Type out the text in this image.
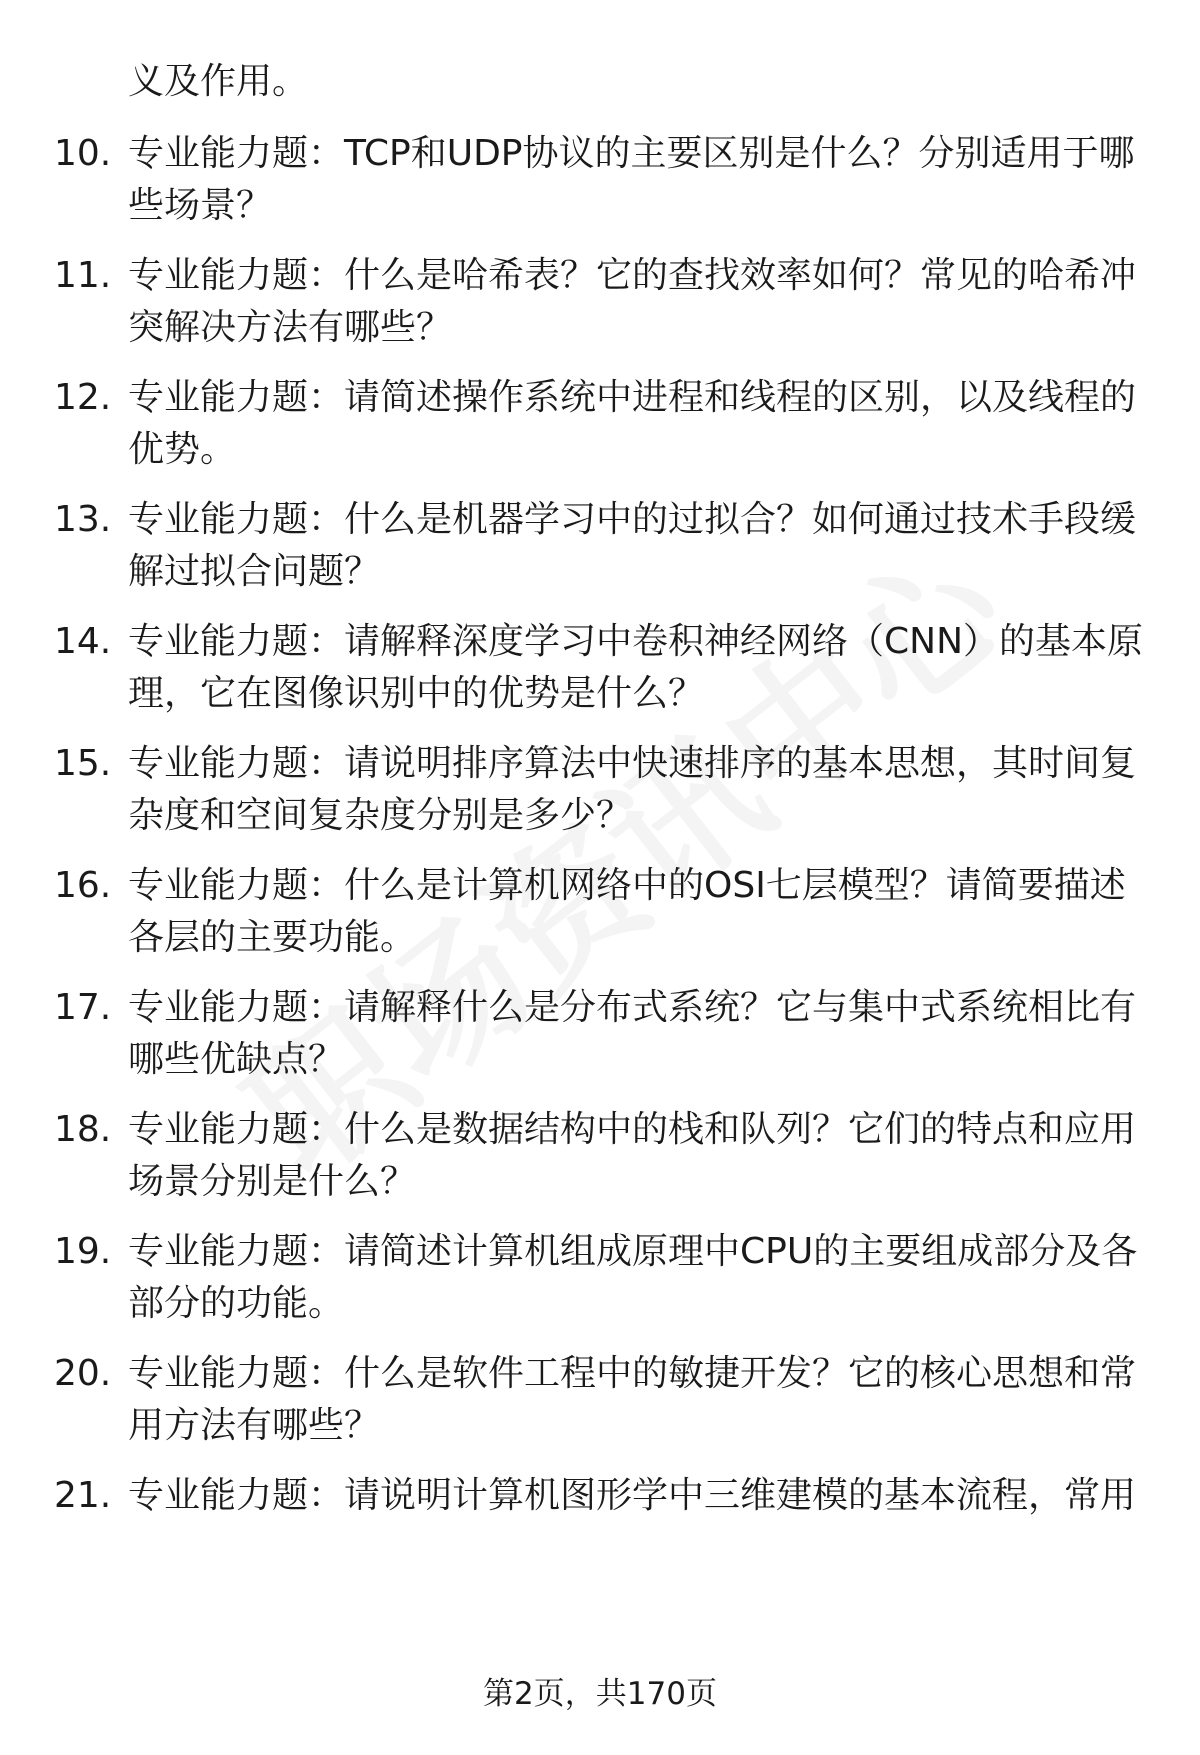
义及作用。
10. 专业能力题：TCP和UDP协议的主要区别是什么？分别适用于哪
些场景？
11. 专业能力题：什么是哈希表？它的查找效率如何？常见的哈希冲
突解决方法有哪些？
12. 专业能力题：请简述操作系统中进程和线程的区别，以及线程的
优势。
13. 专业能力题：什么是机器学习中的过拟合？如何通过技术手段缓
解过拟合问题？
14. 专业能力题：请解释深度学习中卷积神经网络（CNN）的基本原
理，它在图像识别中的优势是什么？
15. 专业能力题：请说明排序算法中快速排序的基本思想，其时间复
杂度和空间复杂度分别是多少？
16. 专业能力题：什么是计算机网络中的OSI七层模型？请简要描述
各层的主要功能。
17. 专业能力题：请解释什么是分布式系统？它与集中式系统相比有
哪些优缺点？
18. 专业能力题：什么是数据结构中的栈和队列？它们的特点和应用
场景分别是什么？
19. 专业能力题：请简述计算机组成原理中CPU的主要组成部分及各
部分的功能。
20. 专业能力题：什么是软件工程中的敏捷开发？它的核心思想和常
用方法有哪些？
21. 专业能力题：请说明计算机图形学中三维建模的基本流程，常用
第2页，共170页
